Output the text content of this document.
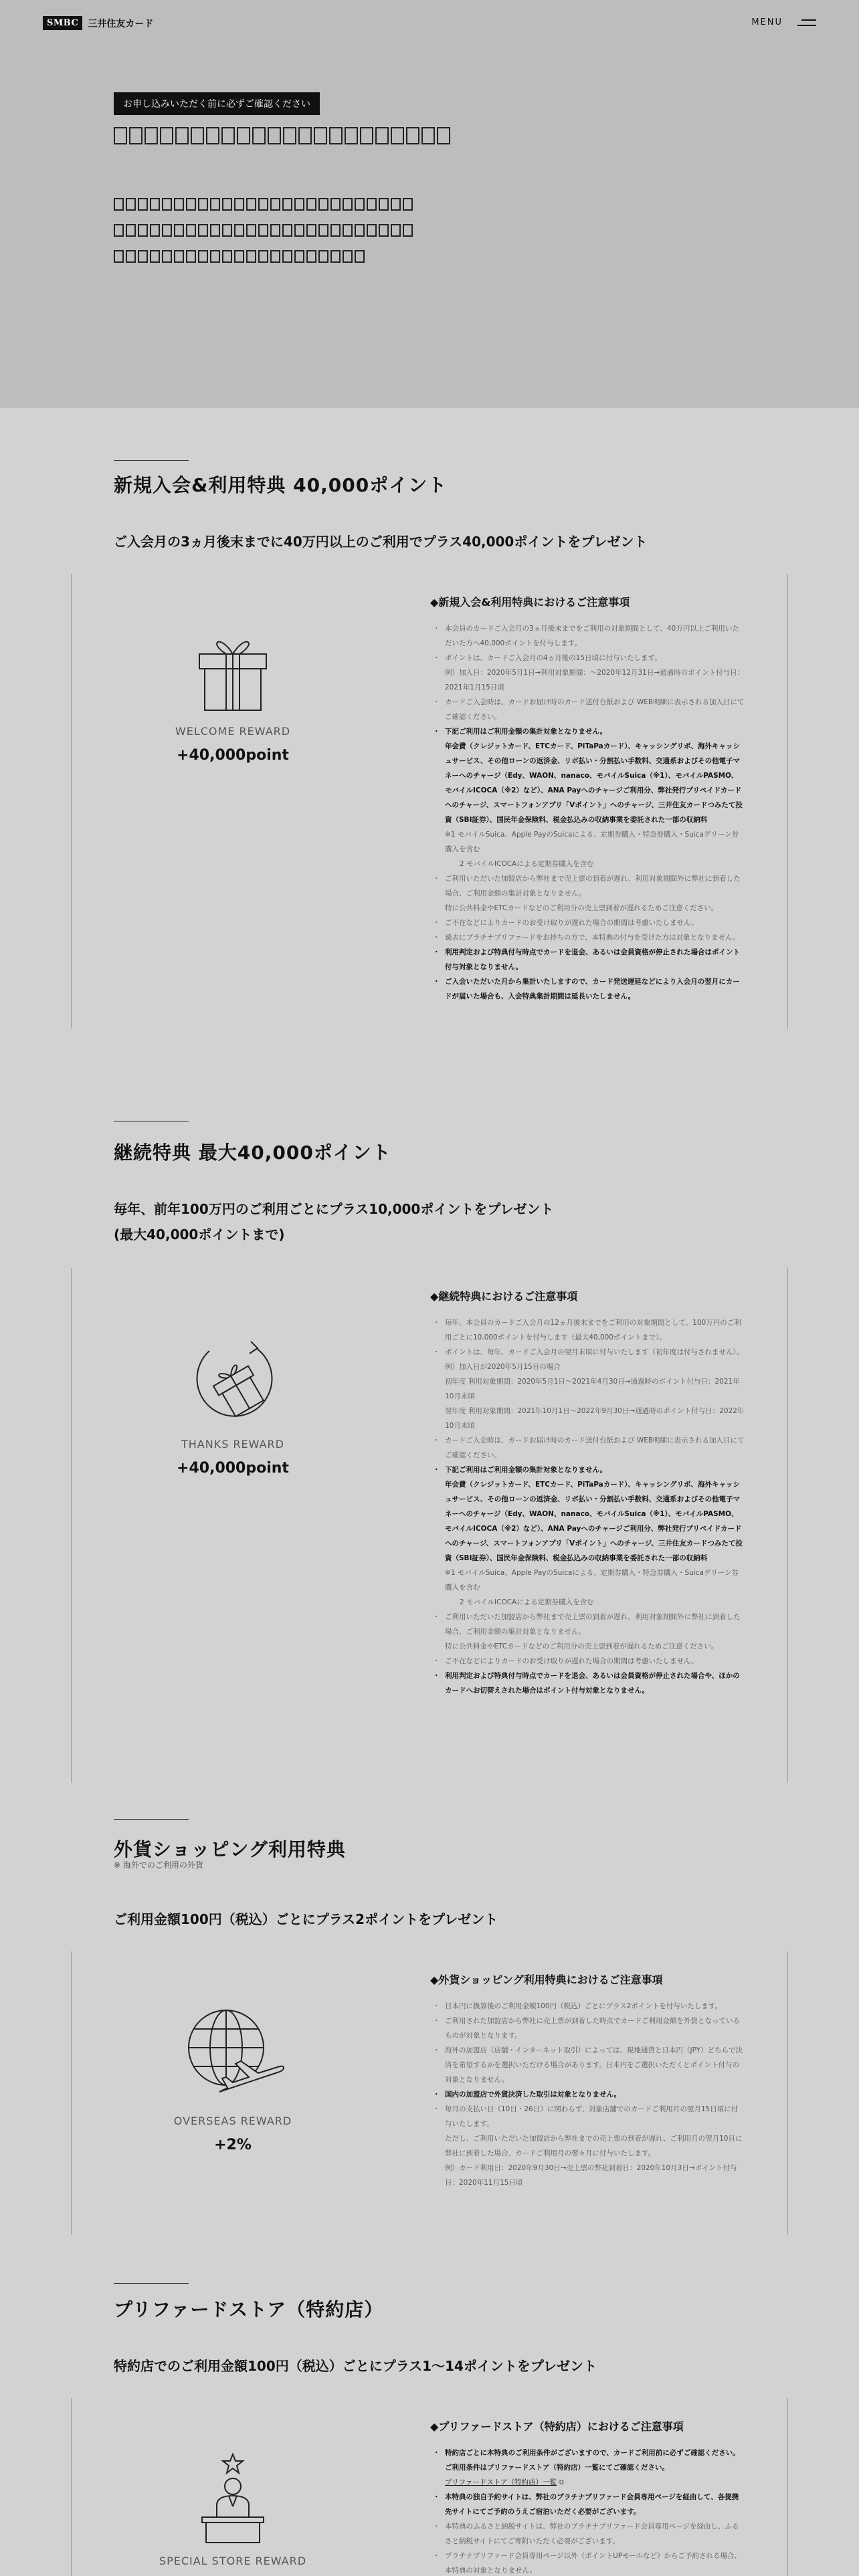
SMBC	三井住友カード	MENU
お申し込みいただく前に必ずご確認ください
新規入会&利用特典 40,000ポイント
ご入会月の3ヵ月後末までに40万円以上のご利用でプラス40,000ポイントをプレゼント
WELCOME REWARD
+40,000point
◆新規入会&利用特典におけるご注意事項
・ 本会員のカードご入会月の3ヵ月後末までをご利用の対象期間として、40万円以上ご利用いただいた方へ40,000ポイントを付与します。
・ ポイントは、カードご入会月の4ヵ月後の15日頃に付与いたします。
例）加入日：2020年5月1日→利用対象期間：〜2020年12月31日→通過時のポイント付与日：2021年1月15日頃
・ カードご入会時は、カードお届け時のカード送付台紙および WEB明細に表示される加入日にてご確認ください。
・ 下記ご利用はご利用金額の集計対象となりません。
年会費（クレジットカード、ETCカード、PiTaPaカード）、キャッシングリボ、海外キャッシュサービス、その他ローンの返済金、リボ払い・分割払い手数料、交通系およびその他電子マネーへのチャージ（Edy、WAON、nanaco、モバイルSuica（※1）、モバイルPASMO、モバイルICOCA（※2）など）、ANA Payへのチャージご利用分、弊社発行プリペイドカードへのチャージ、スマートフォンアプリ「Vポイント」へのチャージ、三井住友カードつみたて投資（SBI証券）、国民年金保険料、税金払込みの収納事業を委託された一部の収納料
※1 モバイルSuica、Apple PayのSuicaによる、定期券購入・特急券購入・Suicaグリーン券購入を含む
2 モバイルICOCAによる定期券購入を含む
・ ご利用いただいた加盟店から弊社まで売上票の到着が遅れ、利用対象期間外に弊社に到着した場合、ご利用金額の集計対象となりません。
特に公共料金やETCカードなどのご利用分の売上票到着が遅れるためご注意ください。
・ ご不在などによりカードのお受け取りが遅れた場合の期間は考慮いたしません。
・ 過去にプラチナプリファードをお持ちの方で、本特典の付与を受けた方は対象となりません。
・ 利用判定および特典付与時点でカードを退会、あるいは会員資格が停止された場合はポイント付与対象となりません。
・ ご入会いただいた月から集計いたしますので、カード発送遅延などにより入会月の翌月にカードが届いた場合も、入会特典集計期間は延長いたしません。
継続特典 最大40,000ポイント
毎年、前年100万円のご利用ごとにプラス10,000ポイントをプレゼント
(最大40,000ポイントまで)
THANKS REWARD
+40,000point
◆継続特典におけるご注意事項
・ 毎年、本会員のカードご入会月の12ヵ月後末までをご利用の対象期間として、100万円のご利用ごとに10,000ポイントを付与します（最大40,000ポイントまで）。
・ ポイントは、毎年、カードご入会月の翌月末頃に付与いたします（初年度は付与されません）。
例）加入日が2020年5月15日の場合
初年度 利用対象期間：2020年5月1日〜2021年4月30日→通過時のポイント付与日：2021年10月末頃
翌年度 利用対象期間：2021年10月1日〜2022年9月30日→通過時のポイント付与日：2022年10月末頃
・ カードご入会時は、カードお届け時のカード送付台紙および WEB明細に表示される加入日にてご確認ください。
・ 下記ご利用はご利用金額の集計対象となりません。
年会費（クレジットカード、ETCカード、PiTaPaカード）、キャッシングリボ、海外キャッシュサービス、その他ローンの返済金、リボ払い・分割払い手数料、交通系およびその他電子マネーへのチャージ（Edy、WAON、nanaco、モバイルSuica（※1）、モバイルPASMO、モバイルICOCA（※2）など）、ANA Payへのチャージご利用分、弊社発行プリペイドカードへのチャージ、スマートフォンアプリ「Vポイント」へのチャージ、三井住友カードつみたて投資（SBI証券）、国民年金保険料、税金払込みの収納事業を委託された一部の収納料
※1 モバイルSuica、Apple PayのSuicaによる、定期券購入・特急券購入・Suicaグリーン券購入を含む
2 モバイルICOCAによる定期券購入を含む
・ ご利用いただいた加盟店から弊社まで売上票の到着が遅れ、利用対象期間外に弊社に到着した場合、ご利用金額の集計対象となりません。
特に公共料金やETCカードなどのご利用分の売上票到着が遅れるためご注意ください。
・ ご不在などによりカードのお受け取りが遅れた場合の期間は考慮いたしません。
・ 利用判定および特典付与時点でカードを退会、あるいは会員資格が停止された場合や、ほかのカードへお切替えされた場合はポイント付与対象となりません。
外貨ショッピング利用特典
※ 海外でのご利用の外貨
ご利用金額100円（税込）ごとにプラス2ポイントをプレゼント
OVERSEAS REWARD
+2%
◆外貨ショッピング利用特典におけるご注意事項
・ 日本円に換算後のご利用金額100円（税込）ごとにプラス2ポイントを付与いたします。
・ ご利用された加盟店から弊社に売上票が到着した時点でカードご利用金額を外貨となっているものが対象となります。
・ 海外の加盟店（店舗・インターネット取引）によっては、現地通貨と日本円（JPY）どちらで決済を希望するかを選択いただける場合があります。日本円をご選択いただくとポイント付与の対象となりません。
・ 国内の加盟店で外貨決済した取引は対象となりません。
・ 毎月の支払い日（10日・26日）に関わらず、対象店舗でのカードご利用月の翌月15日頃に付与いたします。
ただし、ご利用いただいた加盟店から弊社までの売上票の到着が遅れ、ご利用月の翌月10日に弊社に到着した場合、カードご利用月の翌々月に付与いたします。
例）カード利用日：2020年9月30日→売上票の弊社到着日：2020年10月3日→ポイント付与日：2020年11月15日頃
プリファードストア（特約店）
特約店でのご利用金額100円（税込）ごとにプラス1〜14ポイントをプレゼント
SPECIAL STORE REWARD
◆プリファードストア（特約店）におけるご注意事項
・ 特約店ごとに本特典のご利用条件がございますので、カードご利用前に必ずご確認ください。ご利用条件はプリファードストア（特約店）一覧にてご確認ください。
プリファードストア（特約店）一覧 ⧉
・ 本特典の独自予約サイトは、弊社のプラチナプリファード会員専用ページを経由して、各提携先サイトにてご予約のうえご宿泊いただく必要がございます。
・ 本特典のふるさと納税サイトは、弊社のプラチナプリファード会員専用ページを経由し、ふるさと納税サイトにてご寄附いただく必要がございます。
・ プラチナプリファード会員専用ページ以外（ポイントUPモールなど）からご予約される場合、本特典の対象となりません。
